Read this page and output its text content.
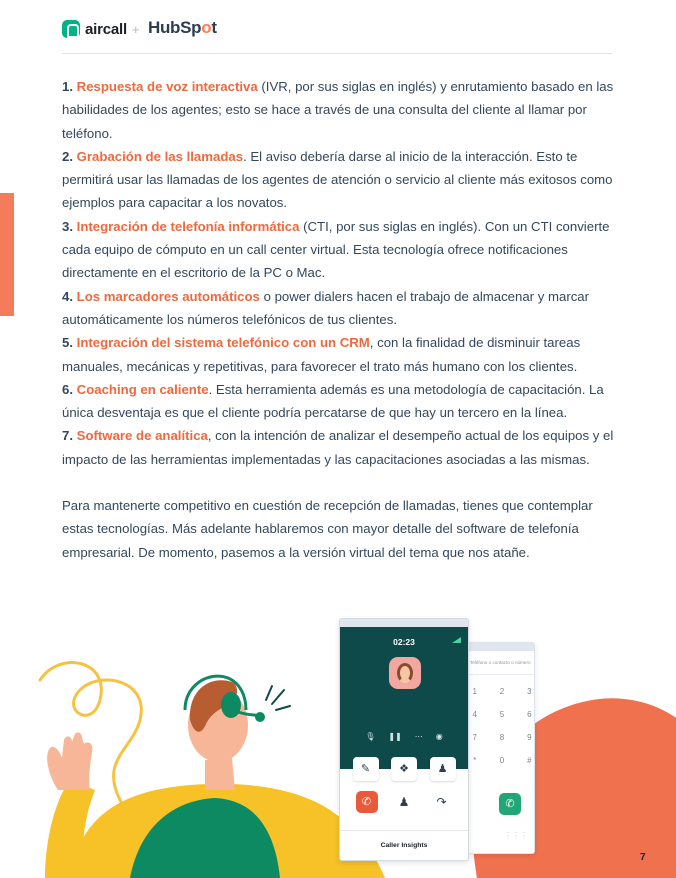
aircall + HubSpot

1. Respuesta de voz interactiva (IVR, por sus siglas en inglés) y enrutamiento basado en las habilidades de los agentes; esto se hace a través de una consulta del cliente al llamar por teléfono.

2. Grabación de las llamadas. El aviso debería darse al inicio de la interacción. Esto te permitirá usar las llamadas de los agentes de atención o servicio al cliente más exitosos como ejemplos para capacitar a los novatos.

3. Integración de telefonía informática (CTI, por sus siglas en inglés). Con un CTI convierte cada equipo de cómputo en un call center virtual. Esta tecnología ofrece notificaciones directamente en el escritorio de la PC o Mac.

4. Los marcadores automáticos o power dialers hacen el trabajo de almacenar y marcar automáticamente los números telefónicos de tus clientes.

5. Integración del sistema telefónico con un CRM, con la finalidad de disminuir tareas manuales, mecánicas y repetitivas, para favorecer el trato más humano con los clientes.

6. Coaching en caliente. Esta herramienta además es una metodología de capacitación. La única desventaja es que el cliente podría percatarse de que hay un tercero en la línea.

7. Software de analítica, con la intención de analizar el desempeño actual de los equipos y el impacto de las herramientas implementadas y las capacitaciones asociadas a las mismas.

Para mantenerte competitivo en cuestión de recepción de llamadas, tienes que contemplar estas tecnologías. Más adelante hablaremos con mayor detalle del software de telefonía empresarial. De momento, pasemos a la versión virtual del tema que nos atañe.

Teléfono o contacto o número
1	2	3
4	5	6
7	8	9
*	0	#
✆
⋮⋮⋮
02:23
🎙 ❚❚ ⋯ ◉
✎	❖	♟
✆	♟	↷
Caller Insights
7
